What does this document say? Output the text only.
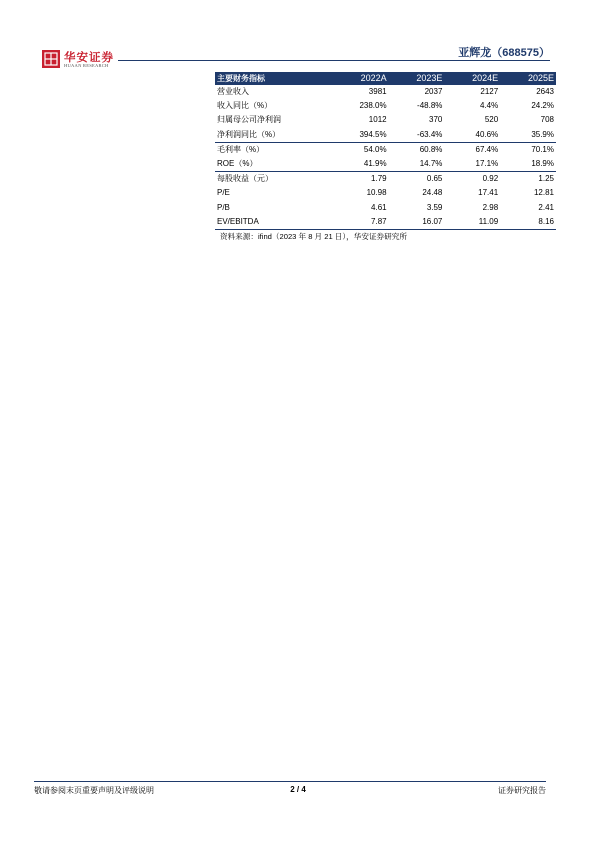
华安证券
HUAAN RESEARCH
亚辉龙（688575）
主要财务指标	2022A	2023E	2024E	2025E
营业收入	3981	2037	2127	2643
收入同比（%）	238.0%	-48.8%	4.4%	24.2%
归属母公司净利润	1012	370	520	708
净利润同比（%）	394.5%	-63.4%	40.6%	35.9%
毛利率（%）	54.0%	60.8%	67.4%	70.1%
ROE（%）	41.9%	14.7%	17.1%	18.9%
每股收益（元）	1.79	0.65	0.92	1.25
P/E	10.98	24.48	17.41	12.81
P/B	4.61	3.59	2.98	2.41
EV/EBITDA	7.87	16.07	11.09	8.16
资料来源：ifind（2023 年 8 月 21 日），华安证券研究所
敬请参阅末页重要声明及评级说明	2 / 4	证券研究报告
